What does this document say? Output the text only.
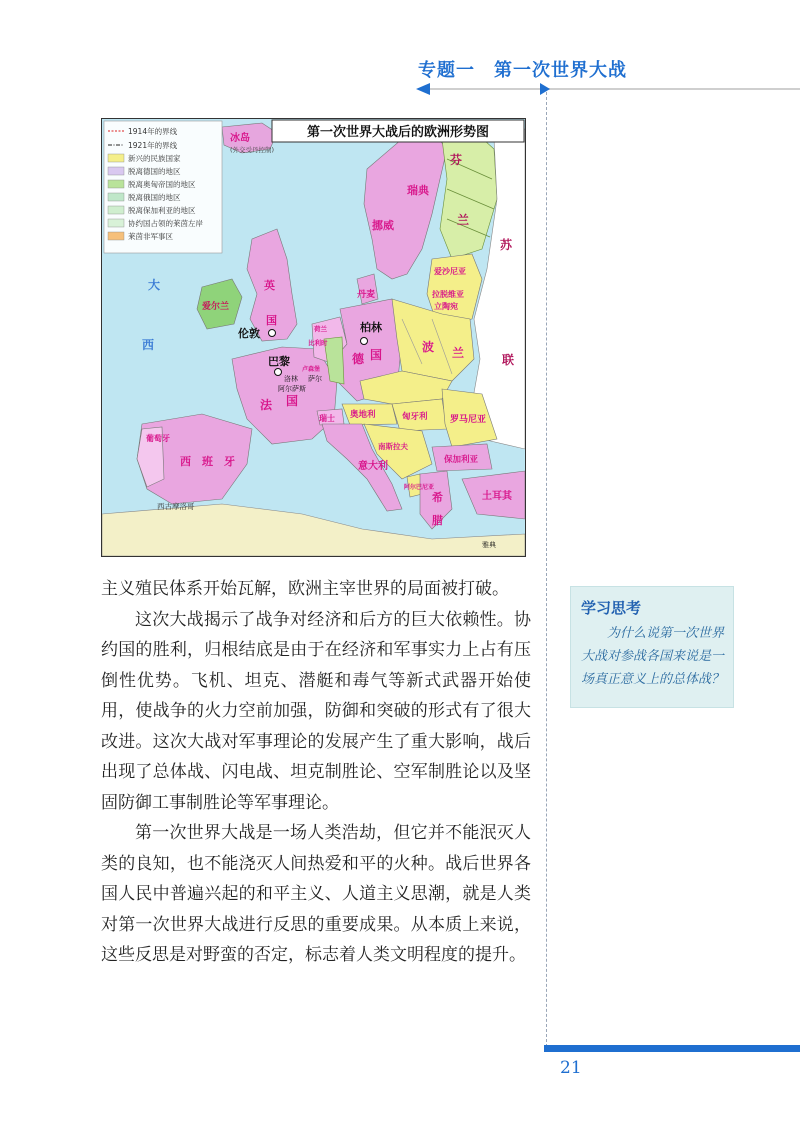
专题一　第一次世界大战
第一次世界大战后的欧洲形势图
1914年的界线
1921年的界线
新兴的民族国家
脱离德国的地区
脱离奥匈帝国的地区
脱离俄国的地区
脱离保加利亚的地区
协约国占领的莱茵左岸
莱茵非军事区
冰岛
(外交受丹控制)
大
西
爱尔兰
英
国
伦敦
巴黎
法 国
西　班　牙
葡萄牙
西古摩洛哥
挪威
瑞典
芬
兰
丹麦
柏林
德 国
爱沙尼亚
拉脱维亚
立陶宛
波 兰
苏
联
奥地利	匈牙利 罗马尼亚
瑞士
意大利
南斯拉夫
保加利亚
阿尔巴尼亚
希
腊
土耳其
荷兰
比利时
卢森堡
洛林
阿尔萨斯
萨尔
雅典

主义殖民体系开始瓦解，欧洲主宰世界的局面被打破。

这次大战揭示了战争对经济和后方的巨大依赖性。协约国的胜利，归根结底是由于在经济和军事实力上占有压倒性优势。飞机、坦克、潜艇和毒气等新式武器开始使用，使战争的火力空前加强，防御和突破的形式有了很大改进。这次大战对军事理论的发展产生了重大影响，战后出现了总体战、闪电战、坦克制胜论、空军制胜论以及坚固防御工事制胜论等军事理论。

第一次世界大战是一场人类浩劫，但它并不能泯灭人类的良知，也不能浇灭人间热爱和平的火种。战后世界各国人民中普遍兴起的和平主义、人道主义思潮，就是人类对第一次世界大战进行反思的重要成果。从本质上来说，这些反思是对野蛮的否定，标志着人类文明程度的提升。

学习思考
为什么说第一次世界大战对参战各国来说是一场真正意义上的总体战？
21
